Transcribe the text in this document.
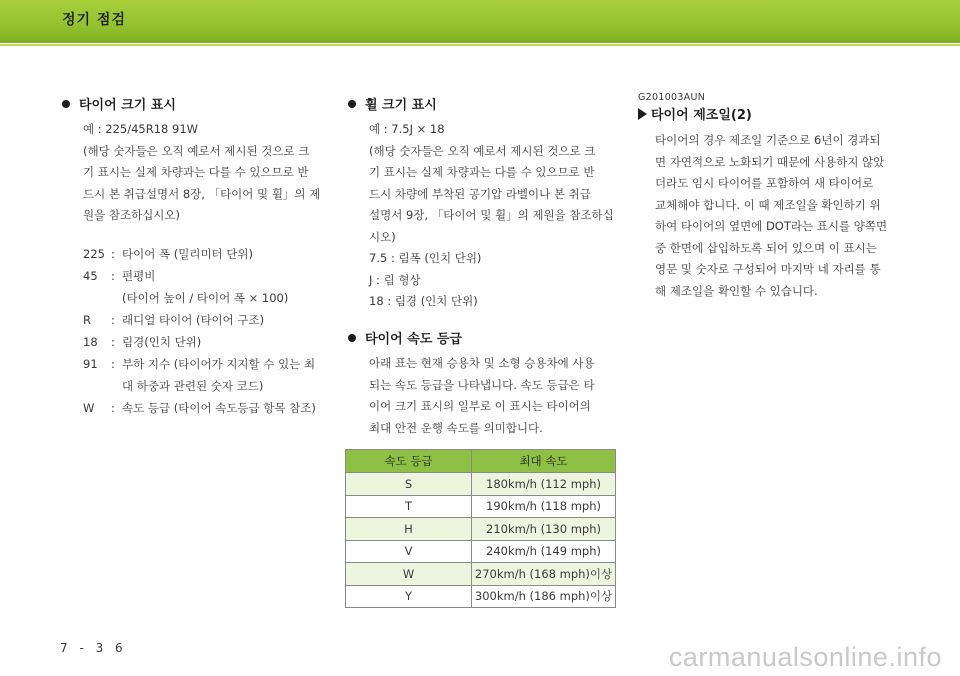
정기 점검
타이어 크기 표시
예 : 225/45R18 91W
(해당 숫자들은 오직 예로서 제시된 것으로 크
기 표시는 실제 차량과는 다를 수 있으므로 반
드시 본 취급설명서 8장, 「타이어 및 휠」의 제
원을 참조하십시오)
225 : 타이어 폭 (밀리미터 단위)
45	: 편평비
(타이어 높이 / 타이어 폭 × 100)
R	: 래디얼 타이어 (타이어 구조)
18	: 림경(인치 단위)
91	: 부하 지수 (타이어가 지지할 수 있는 최
대 하중과 관련된 숫자 코드)
W	: 속도 등급 (타이어 속도등급 항목 참조)
휠 크기 표시
예 : 7.5J × 18
(해당 숫자들은 오직 예로서 제시된 것으로 크
기 표시는 실제 차량과는 다를 수 있으므로 반
드시 차량에 부착된 공기압 라벨이나 본 취급
설명서 9장, 「타이어 및 휠」의 제원을 참조하십
시오)
7.5 : 림폭 (인치 단위)
J : 림 형상
18 : 림경 (인치 단위)
타이어 속도 등급
아래 표는 현재 승용차 및 소형 승용차에 사용
되는 속도 등급을 나타냅니다. 속도 등급은 타
이어 크기 표시의 일부로 이 표시는 타이어의
최대 안전 운행 속도를 의미합니다.
속도 등급	최대 속도
S	180km/h (112 mph)
T	190km/h (118 mph)
H	210km/h (130 mph)
V	240km/h (149 mph)
W	270km/h (168 mph)이상
Y	300km/h (186 mph)이상
G201003AUN
타이어 제조일(2)
타이어의 경우 제조일 기준으로 6년이 경과되
면 자연적으로 노화되기 때문에 사용하지 않았
더라도 임시 타이어를 포함하여 새 타이어로
교체해야 합니다. 이 때 제조일을 확인하기 위
하여 타이어의 옆면에 DOT라는 표시를 양쪽면
중 한면에 삽입하도록 되어 있으며 이 표시는
영문 및 숫자로 구성되어 마지막 네 자리를 통
해 제조일을 확인할 수 있습니다.
7 - 3 6	carmanualsonline.info
